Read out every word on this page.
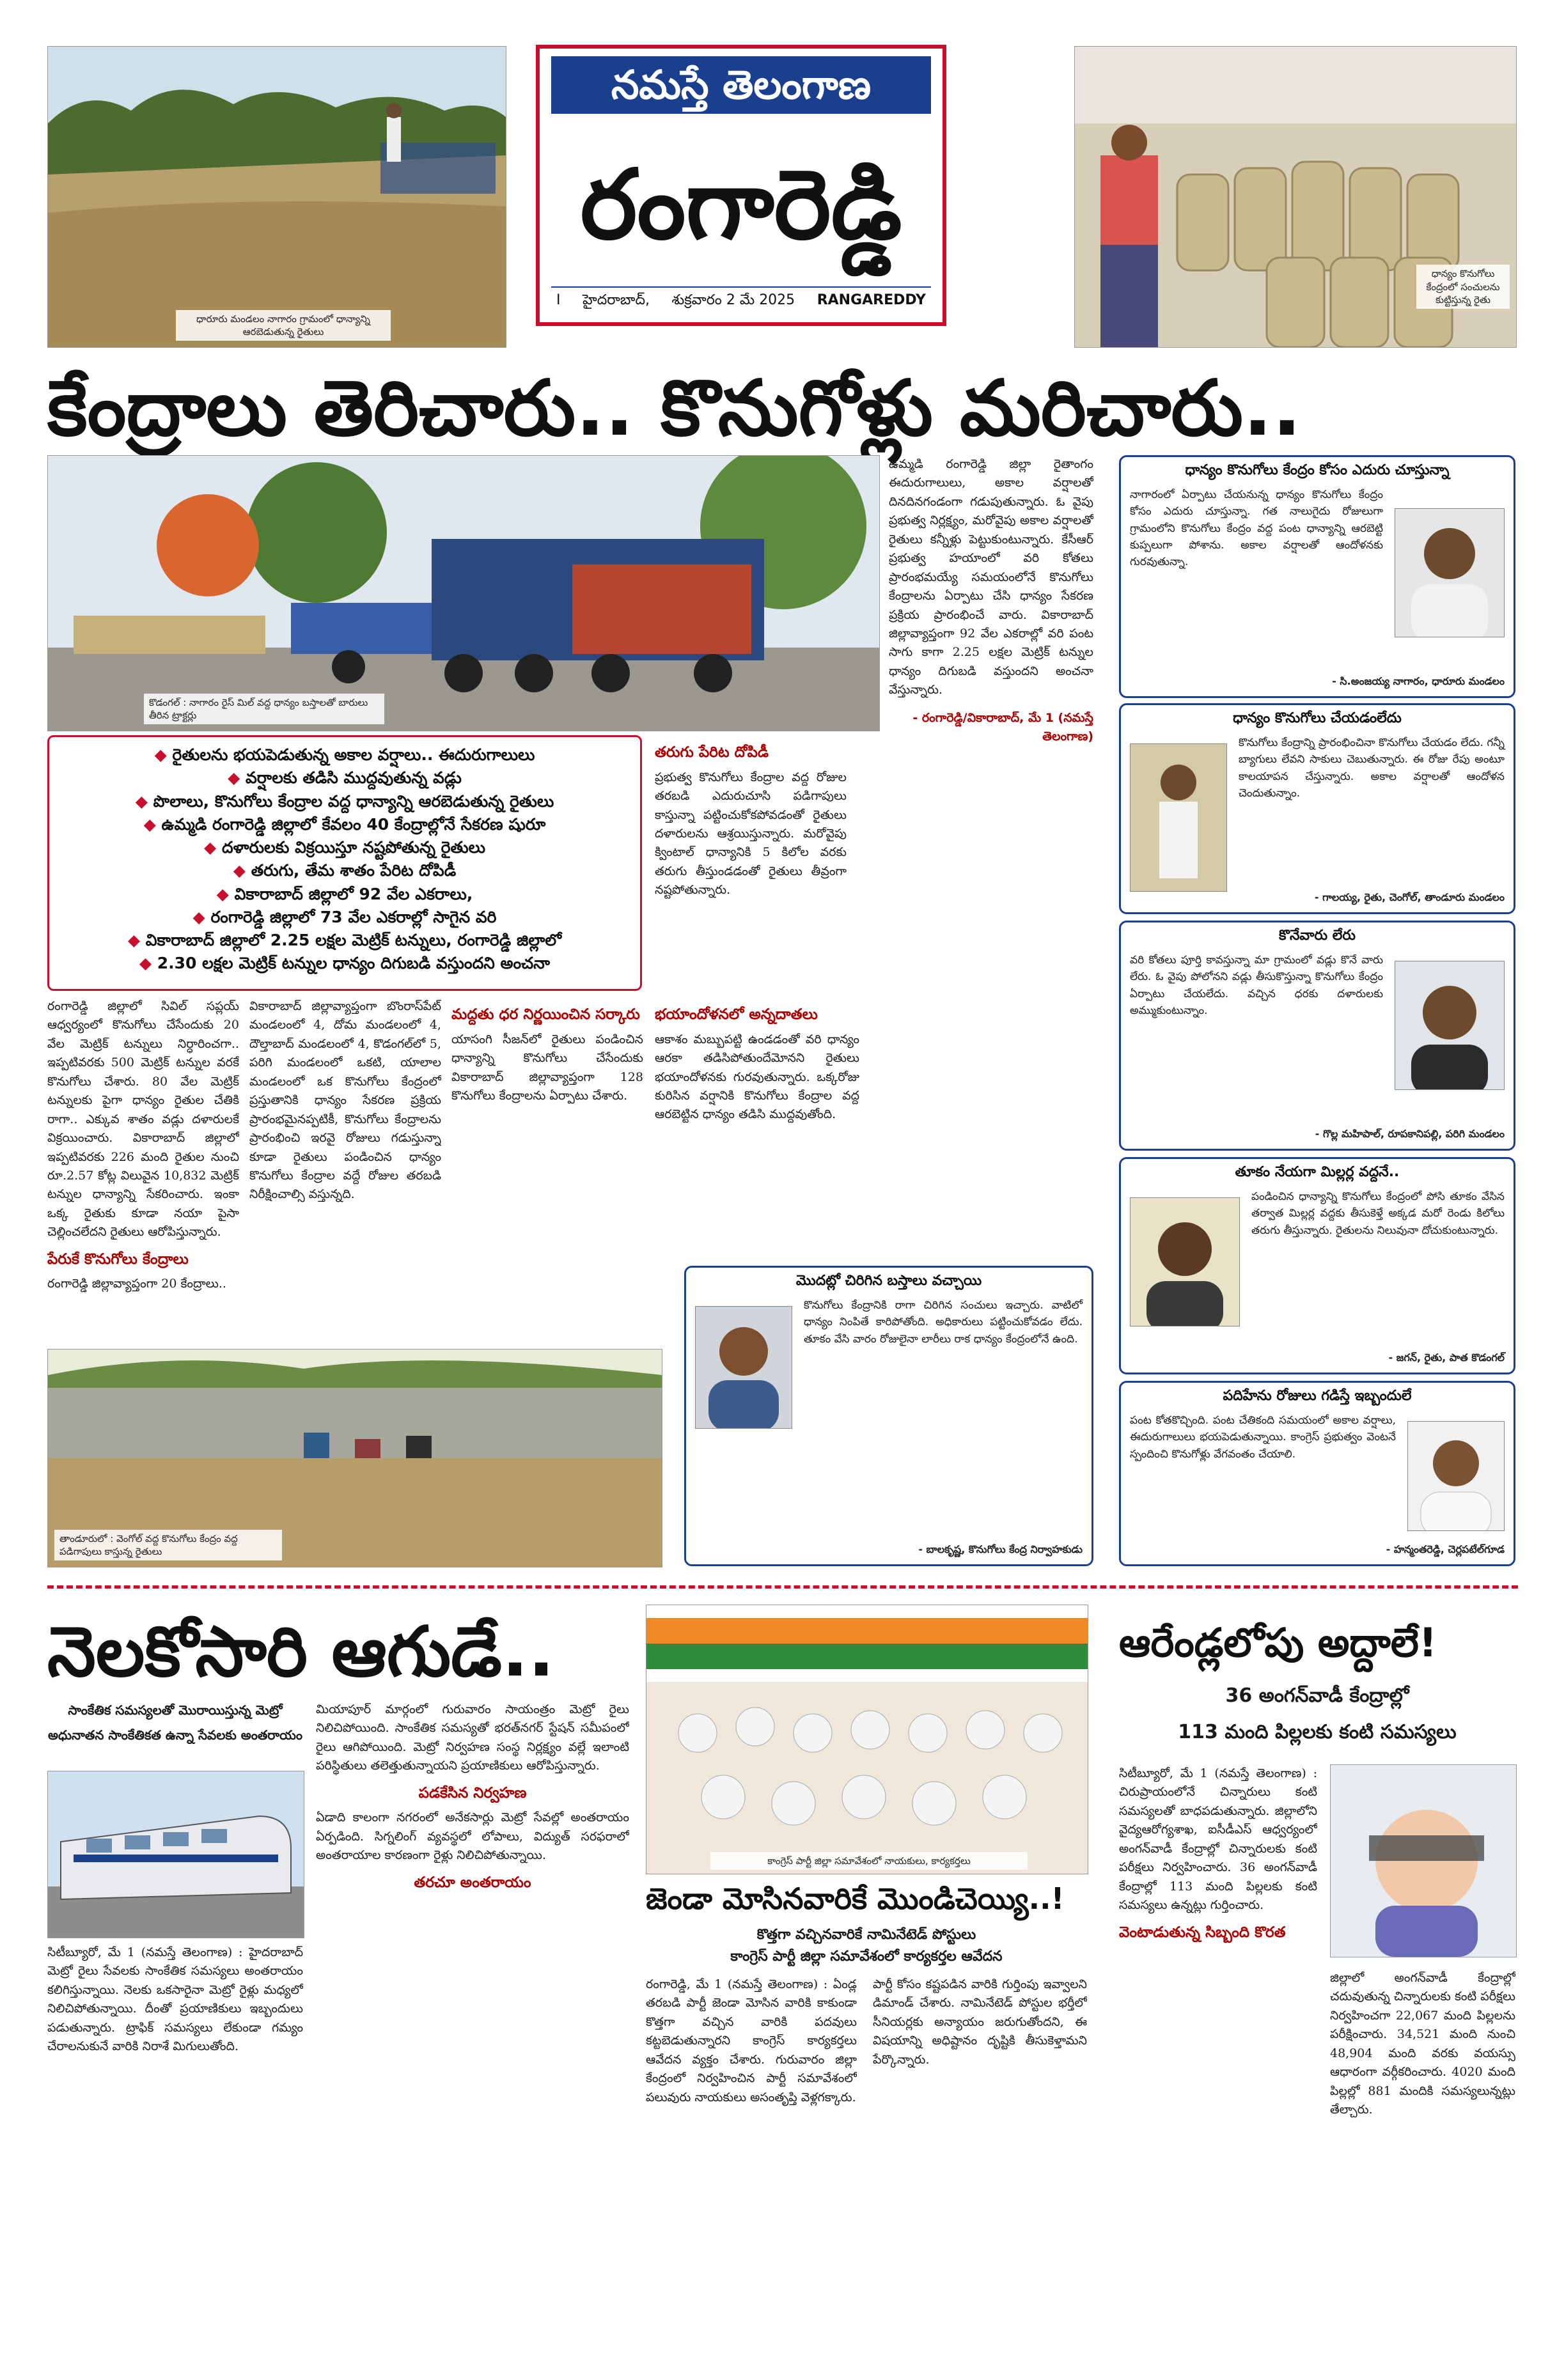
ధారూరు మండలం నాగారం గ్రామంలో ధాన్యాన్ని ఆరబెడుతున్న రైతులు
నమస్తే తెలంగాణ
రంగారెడ్డి
I	హైదరాబాద్,	శుక్రవారం 2 మే 2025	RANGAREDDY
ధాన్యం కొనుగోలు కేంద్రంలో సంచులను కుట్టిస్తున్న రైతు
కేంద్రాలు తెరిచారు.. కొనుగోళ్లు మరిచారు..
కొడంగల్ : నాగారం రైస్ మిల్ వద్ద ధాన్యం బస్తాలతో బారులు తీరిన ట్రాక్టర్లు
◆ రైతులను భయపెడుతున్న అకాల వర్షాలు.. ఈదురుగాలులు
◆ వర్షాలకు తడిసి ముద్దవుతున్న వడ్లు
◆ పొలాలు, కొనుగోలు కేంద్రాల వద్ద ధాన్యాన్ని ఆరబెడుతున్న రైతులు
◆ ఉమ్మడి రంగారెడ్డి జిల్లాలో కేవలం 40 కేంద్రాల్లోనే సేకరణ షురూ
◆ దళారులకు విక్రయిస్తూ నష్టపోతున్న రైతులు
◆ తరుగు, తేమ శాతం పేరిట దోపిడీ
◆ వికారాబాద్ జిల్లాలో 92 వేల ఎకరాలు,
◆ రంగారెడ్డి జిల్లాలో 73 వేల ఎకరాల్లో సాగైన వరి
◆ వికారాబాద్ జిల్లాలో 2.25 లక్షల మెట్రిక్ టన్నులు, రంగారెడ్డి జిల్లాలో
◆ 2.30 లక్షల మెట్రిక్ టన్నుల ధాన్యం దిగుబడి వస్తుందని అంచనా
రంగారెడ్డి జిల్లాలో సివిల్ సప్లయ్ ఆధ్వర్యంలో కొనుగోలు చేసేందుకు 20 వేల మెట్రిక్ టన్నులు నిర్ధారించగా.. ఇప్పటివరకు 500 మెట్రిక్ టన్నుల వరకే కొనుగోలు చేశారు. 80 వేల మెట్రిక్ టన్నులకు పైగా ధాన్యం రైతుల చేతికి రాగా.. ఎక్కువ శాతం వడ్లు దళారులకే విక్రయించారు. వికారాబాద్ జిల్లాలో ఇప్పటివరకు 226 మంది రైతుల నుంచి రూ.2.57 కోట్ల విలువైన 10,832 మెట్రిక్ టన్నుల ధాన్యాన్ని సేకరించారు. ఇంకా ఒక్క రైతుకు కూడా నయా పైసా చెల్లించలేదని రైతులు ఆరోపిస్తున్నారు.
పేరుకే కొనుగోలు కేంద్రాలు
రంగారెడ్డి జిల్లావ్యాప్తంగా 20 కేంద్రాలు..
వికారాబాద్ జిల్లావ్యాప్తంగా బొంరాస్‌పేట్ మండలంలో 4, దోమ మండలంలో 4, దౌల్తాబాద్ మండలంలో 4, కొడంగల్‌లో 5, పరిగి మండలంలో ఒకటి, యాలాల మండలంలో ఒక కొనుగోలు కేంద్రంలో ప్రస్తుతానికి ధాన్యం సేకరణ ప్రక్రియ ప్రారంభమైనప్పటికీ, కొనుగోలు కేంద్రాలను ప్రారంభించి ఇరవై రోజులు గడుస్తున్నా కూడా రైతులు పండించిన ధాన్యం కొనుగోలు కేంద్రాల వద్దే రోజుల తరబడి నిరీక్షించాల్సి వస్తున్నది.
తరుగు పేరిట దోపిడీ
ప్రభుత్వ కొనుగోలు కేంద్రాల వద్ద రోజుల తరబడి ఎదురుచూసి పడిగాపులు కాస్తున్నా పట్టించుకోకపోవడంతో రైతులు దళారులను ఆశ్రయిస్తున్నారు. మరోవైపు క్వింటాల్ ధాన్యానికి 5 కిలోల వరకు తరుగు తీస్తుండడంతో రైతులు తీవ్రంగా నష్టపోతున్నారు.
మద్దతు ధర నిర్ణయించిన సర్కారు
యాసంగి సీజన్‌లో రైతులు పండించిన ధాన్యాన్ని కొనుగోలు చేసేందుకు వికారాబాద్ జిల్లావ్యాప్తంగా 128 కొనుగోలు కేంద్రాలను ఏర్పాటు చేశారు.
భయాందోళనలో అన్నదాతలు
ఆకాశం మబ్బుపట్టి ఉండడంతో వరి ధాన్యం ఆరకా తడిసిపోతుందేమోనని రైతులు భయాందోళనకు గురవుతున్నారు. ఒక్కరోజు కురిసిన వర్షానికి కొనుగోలు కేంద్రాల వద్ద ఆరబెట్టిన ధాన్యం తడిసి ముద్దవుతోంది.
ఉమ్మడి రంగారెడ్డి జిల్లా రైతాంగం ఈదురుగాలులు, అకాల వర్షాలతో దినదినగండంగా గడుపుతున్నారు. ఓ వైపు ప్రభుత్వ నిర్లక్ష్యం, మరోవైపు అకాల వర్షాలతో రైతులు కన్నీళ్లు పెట్టుకుంటున్నారు. కేసీఆర్ ప్రభుత్వ హయాంలో వరి కోతలు ప్రారంభమయ్యే సమయంలోనే కొనుగోలు కేంద్రాలను ఏర్పాటు చేసి ధాన్యం సేకరణ ప్రక్రియ ప్రారంభించే వారు. వికారాబాద్ జిల్లావ్యాప్తంగా 92 వేల ఎకరాల్లో వరి పంట సాగు కాగా 2.25 లక్షల మెట్రిక్ టన్నుల ధాన్యం దిగుబడి వస్తుందని అంచనా వేస్తున్నారు.
- రంగారెడ్డి/వికారాబాద్, మే 1 (నమస్తే తెలంగాణ)
తాండూరులో : వెంగోల్ వద్ద కొనుగోలు కేంద్రం వద్ద పడిగాపులు కాస్తున్న రైతులు
మొదట్లో చిరిగిన బస్తాలు వచ్చాయి
కొనుగోలు కేంద్రానికి రాగా చిరిగిన సంచులు ఇచ్చారు. వాటిలో ధాన్యం నింపితే కారిపోతోంది. అధికారులు పట్టించుకోవడం లేదు. తూకం వేసి వారం రోజులైనా లారీలు రాక ధాన్యం కేంద్రంలోనే ఉంది.
- బాలకృష్ణ, కొనుగోలు కేంద్ర నిర్వాహకుడు
ధాన్యం కొనుగోలు కేంద్రం కోసం ఎదురు చూస్తున్నా
నాగారంలో ఏర్పాటు చేయనున్న ధాన్యం కొనుగోలు కేంద్రం కోసం ఎదురు చూస్తున్నా. గత నాలుగైదు రోజులుగా గ్రామంలోని కొనుగోలు కేంద్రం వద్ద పంట ధాన్యాన్ని ఆరబెట్టి కుప్పలుగా పోశాను. అకాల వర్షాలతో ఆందోళనకు గురవుతున్నా.
- సి.అంజయ్య నాగారం, ధారూరు మండలం
ధాన్యం కొనుగోలు చేయడంలేదు
కొనుగోలు కేంద్రాన్ని ప్రారంభించినా కొనుగోలు చేయడం లేదు. గన్నీ బ్యాగులు లేవని సాకులు చెబుతున్నారు. ఈ రోజు రేపు అంటూ కాలయాపన చేస్తున్నారు. అకాల వర్షాలతో ఆందోళన చెందుతున్నాం.
- గాలయ్య, రైతు, చెంగోల్, తాండూరు మండలం
కొనేవారు లేరు
వరి కోతలు పూర్తి కావస్తున్నా మా గ్రామంలో వడ్లు కొనే వారు లేరు. ఓ వైపు పోలోనని వడ్లు తీసుకొస్తున్నా కొనుగోలు కేంద్రం ఏర్పాటు చేయలేదు. వచ్చిన ధరకు దళారులకు అమ్ముకుంటున్నాం.
- గొల్ల మహిపాల్, రూపకానిపల్లి, పరిగి మండలం
తూకం నేయగా మిల్లర్ల వద్దనే..
పండించిన ధాన్యాన్ని కొనుగోలు కేంద్రంలో పోసి తూకం వేసిన తర్వాత మిల్లర్ల వద్దకు తీసుకెళ్తే అక్కడ మరో రెండు కిలోలు తరుగు తీస్తున్నారు. రైతులను నిలువునా దోచుకుంటున్నారు.
- జగన్, రైతు, పాత కొడంగల్
పదిహేను రోజులు గడిస్తే ఇబ్బందులే
పంట కోతకొచ్చింది. పంట చేతికంది సమయంలో అకాల వర్షాలు, ఈదురుగాలులు భయపెడుతున్నాయి. కాంగ్రెస్ ప్రభుత్వం వెంటనే స్పందించి కొనుగోళ్లు వేగవంతం చేయాలి.
- హన్మంతరెడ్డి, చెర్లపటేల్‌గూడ
నెలకోసారి ఆగుడే..
సాంకేతిక సమస్యలతో మొరాయిస్తున్న మెట్రో
అధునాతన సాంకేతికత ఉన్నా సేవలకు అంతరాయం
సిటీబ్యూరో, మే 1 (నమస్తే తెలంగాణ) : హైదరాబాద్ మెట్రో రైలు సేవలకు సాంకేతిక సమస్యలు అంతరాయం కలిగిస్తున్నాయి. నెలకు ఒకసారైనా మెట్రో రైళ్లు మధ్యలో నిలిచిపోతున్నాయి. దీంతో ప్రయాణికులు ఇబ్బందులు పడుతున్నారు. ట్రాఫిక్ సమస్యలు లేకుండా గమ్యం చేరాలనుకునే వారికి నిరాశే మిగులుతోంది.
మియాపూర్ మార్గంలో గురువారం సాయంత్రం మెట్రో రైలు నిలిచిపోయింది. సాంకేతిక సమస్యతో భరత్‌నగర్ స్టేషన్ సమీపంలో రైలు ఆగిపోయింది. మెట్రో నిర్వహణ సంస్థ నిర్లక్ష్యం వల్లే ఇలాంటి పరిస్థితులు తలెత్తుతున్నాయని ప్రయాణికులు ఆరోపిస్తున్నారు.
పడకేసిన నిర్వహణ
ఏడాది కాలంగా నగరంలో అనేకసార్లు మెట్రో సేవల్లో అంతరాయం ఏర్పడింది. సిగ్నలింగ్ వ్యవస్థలో లోపాలు, విద్యుత్ సరఫరాలో అంతరాయాల కారణంగా రైళ్లు నిలిచిపోతున్నాయి.
తరచూ అంతరాయం
కాంగ్రెస్ పార్టీ జిల్లా సమావేశంలో నాయకులు, కార్యకర్తలు
జెండా మోసినవారికే మొండిచెయ్యి..!
కొత్తగా వచ్చినవారికే నామినేటెడ్ పోస్టులు
కాంగ్రెస్ పార్టీ జిల్లా సమావేశంలో కార్యకర్తల ఆవేదన
రంగారెడ్డి, మే 1 (నమస్తే తెలంగాణ) : ఏండ్ల తరబడి పార్టీ జెండా మోసిన వారికి కాకుండా కొత్తగా వచ్చిన వారికి పదవులు కట్టబెడుతున్నారని కాంగ్రెస్ కార్యకర్తలు ఆవేదన వ్యక్తం చేశారు. గురువారం జిల్లా కేంద్రంలో నిర్వహించిన పార్టీ సమావేశంలో పలువురు నాయకులు అసంతృప్తి వెళ్లగక్కారు.
పార్టీ కోసం కష్టపడిన వారికి గుర్తింపు ఇవ్వాలని డిమాండ్ చేశారు. నామినేటెడ్ పోస్టుల భర్తీలో సీనియర్లకు అన్యాయం జరుగుతోందని, ఈ విషయాన్ని అధిష్టానం దృష్టికి తీసుకెళ్తామని పేర్కొన్నారు.
ఆరేండ్లలోపు అద్దాలే!
36 అంగన్‌వాడీ కేంద్రాల్లో
113 మంది పిల్లలకు కంటి సమస్యలు
సిటీబ్యూరో, మే 1 (నమస్తే తెలంగాణ) : చిరుప్రాయంలోనే చిన్నారులు కంటి సమస్యలతో బాధపడుతున్నారు. జిల్లాలోని వైద్యఆరోగ్యశాఖ, ఐసీడీఎస్ ఆధ్వర్యంలో అంగన్‌వాడీ కేంద్రాల్లో చిన్నారులకు కంటి పరీక్షలు నిర్వహించారు. 36 అంగన్‌వాడీ కేంద్రాల్లో 113 మంది పిల్లలకు కంటి సమస్యలు ఉన్నట్లు గుర్తించారు.
వెంటాడుతున్న సిబ్బంది కొరత
జిల్లాలో అంగన్‌వాడీ కేంద్రాల్లో చదువుతున్న చిన్నారులకు కంటి పరీక్షలు నిర్వహించగా 22,067 మంది పిల్లలను పరీక్షించారు. 34,521 మంది నుంచి 48,904 మంది వరకు వయస్సు ఆధారంగా వర్గీకరించారు. 4020 మంది పిల్లల్లో 881 మందికి సమస్యలున్నట్లు తేల్చారు.
